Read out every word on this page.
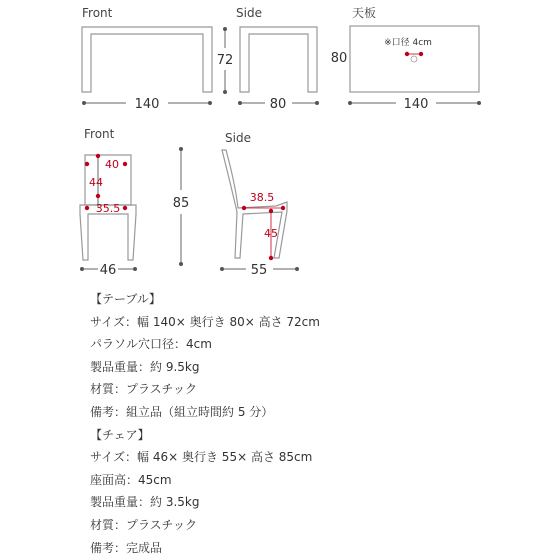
Front
140
72
Side
80
天板
80
※口径 4cm
140
Front
40
44
35.5
46
85
Side
38.5
45
55
【テーブル】
サイズ：幅 140× 奥行き 80× 高さ 72cm
パラソル穴口径：4cm
製品重量：約 9.5kg
材質：プラスチック
備考：組立品（組立時間約 5 分）
【チェア】
サイズ：幅 46× 奥行き 55× 高さ 85cm
座面高：45cm
製品重量：約 3.5kg
材質：プラスチック
備考：完成品
